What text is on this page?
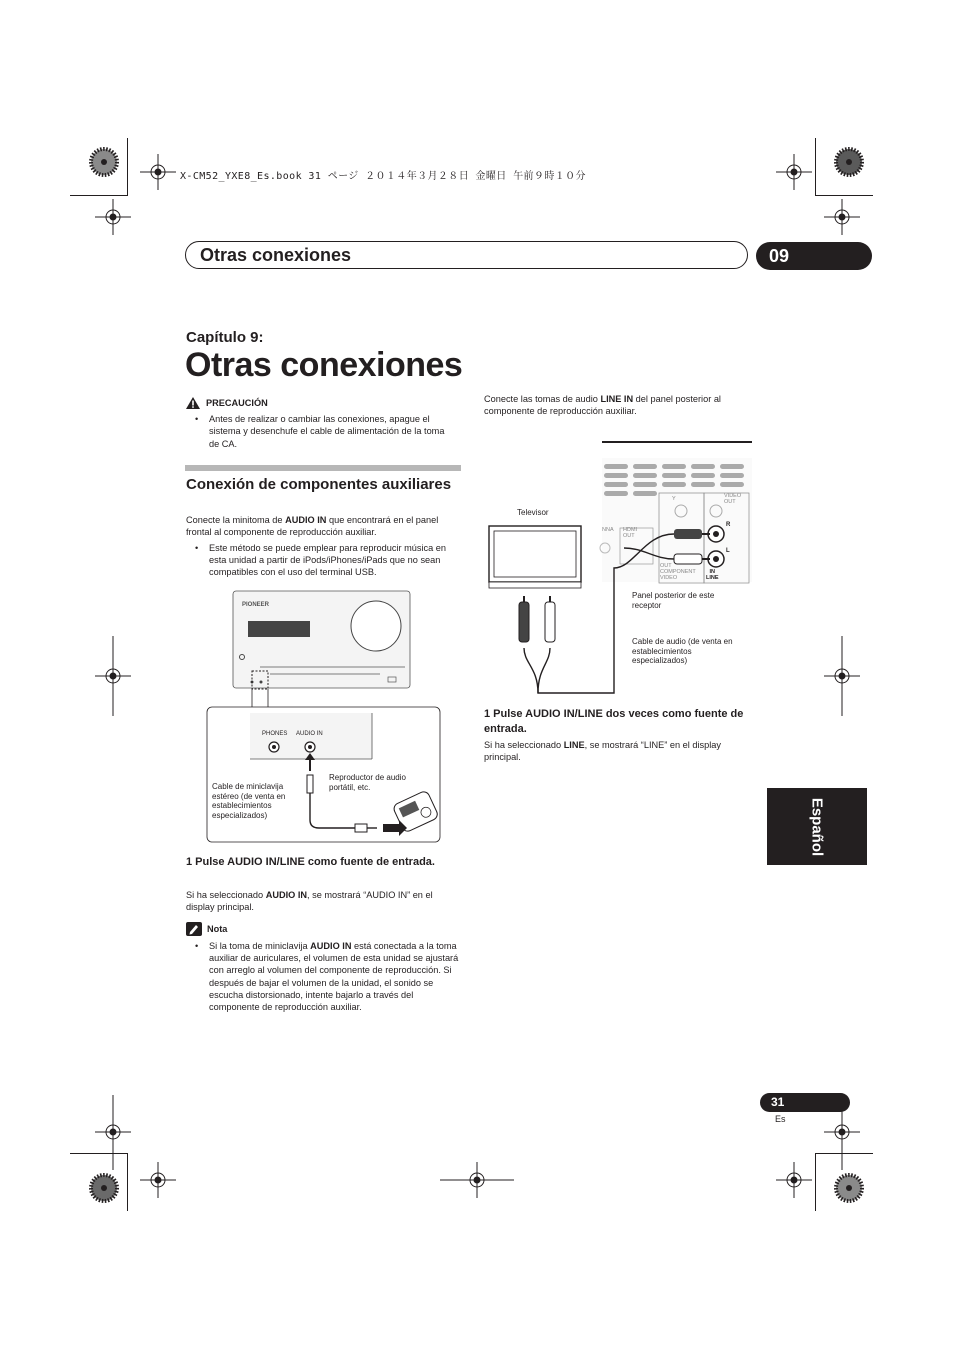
X-CM52_YXE8_Es.book 31 ページ ２０１４年３月２８日 金曜日 午前９時１０分
Otras conexiones	09
Capítulo 9:
Otras conexiones
PRECAUCIÓN
• Antes de realizar o cambiar las conexiones, apague el sistema y desenchufe el cable de alimentación de la toma de CA.
Conexión de componentes auxiliares
Conecte la minitoma de AUDIO IN que encontrará en el panel frontal al componente de reproducción auxiliar.
• Este método se puede emplear para reproducir música en esta unidad a partir de iPods/iPhones/iPads que no sean compatibles con el uso del terminal USB.
PIONEER
PHONES AUDIO IN
Cable de miniclavija estéreo (de venta en establecimientos especializados)
Reproductor de audio portátil, etc.
1 Pulse AUDIO IN/LINE como fuente de entrada.
Si ha seleccionado AUDIO IN, se mostrará “AUDIO IN” en el display principal.
Nota
• Si la toma de miniclavija AUDIO IN está conectada a la toma auxiliar de auriculares, el volumen de esta unidad se ajustará con arreglo al volumen del componente de reproducción. Si después de bajar el volumen de la unidad, el sonido se escucha distorsionado, intente bajarlo a través del componente de reproducción auxiliar.
Conecte las tomas de audio LINE IN del panel posterior al componente de reproducción auxiliar.
Televisor
Panel posterior de este receptor
Cable de audio (de venta en establecimientos especializados)
R
L
IN
LINE
VIDEO
OUT
HDMI
OUT
OUT
COMPONENT
VIDEO
NNA
Y
1 Pulse AUDIO IN/LINE dos veces como fuente de entrada.
Si ha seleccionado LINE, se mostrará “LINE” en el display principal.
Español
31
Es
